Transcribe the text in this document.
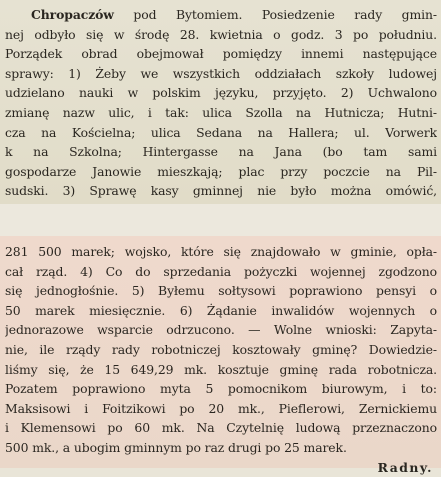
Chropaczów pod Bytomiem. Posiedzenie rady gmin-
nej odbyło się w środę 28. kwietnia o godz. 3 po południu.
Porządek obrad obejmował pomiędzy innemi następujące
sprawy: 1) Żeby we wszystkich oddziałach szkoły ludowej
udzielano nauki w polskim języku, przyjęto. 2) Uchwalono
zmianę nazw ulic, i tak: ulica Szolla na Hutnicza; Hutni-
cza na Kościelna; ulica Sedana na Hallera; ul. Vorwerk
k na Szkolna; Hintergasse na Jana (bo tam sami
gospodarze Janowie mieszkają; plac przy poczcie na Pil-
sudski. 3) Sprawę kasy gminnej nie było można omówić,
281 500 marek; wojsko, które się znajdowało w gminie, opła-
cał rząd. 4) Co do sprzedania pożyczki wojennej zgodzono
się jednogłośnie. 5) Byłemu sołtysowi poprawiono pensyi o
50 marek miesięcznie. 6) Żądanie inwalidów wojennych o
jednorazowe wsparcie odrzucono. — Wolne wnioski: Zapyta-
nie, ile rządy rady robotniczej kosztowały gminę? Dowiedzie-
liśmy się, że 15 649,29 mk. kosztuje gminę rada robotnicza.
Pozatem poprawiono myta 5 pomocnikom biurowym, i to:
Maksisowi i Foitzikowi po 20 mk., Pieflerowi, Zernickiemu
i Klemensowi po 60 mk. Na Czytelnię ludową przeznaczono
500 mk., a ubogim gminnym po raz drugi po 25 marek.
Radny.
